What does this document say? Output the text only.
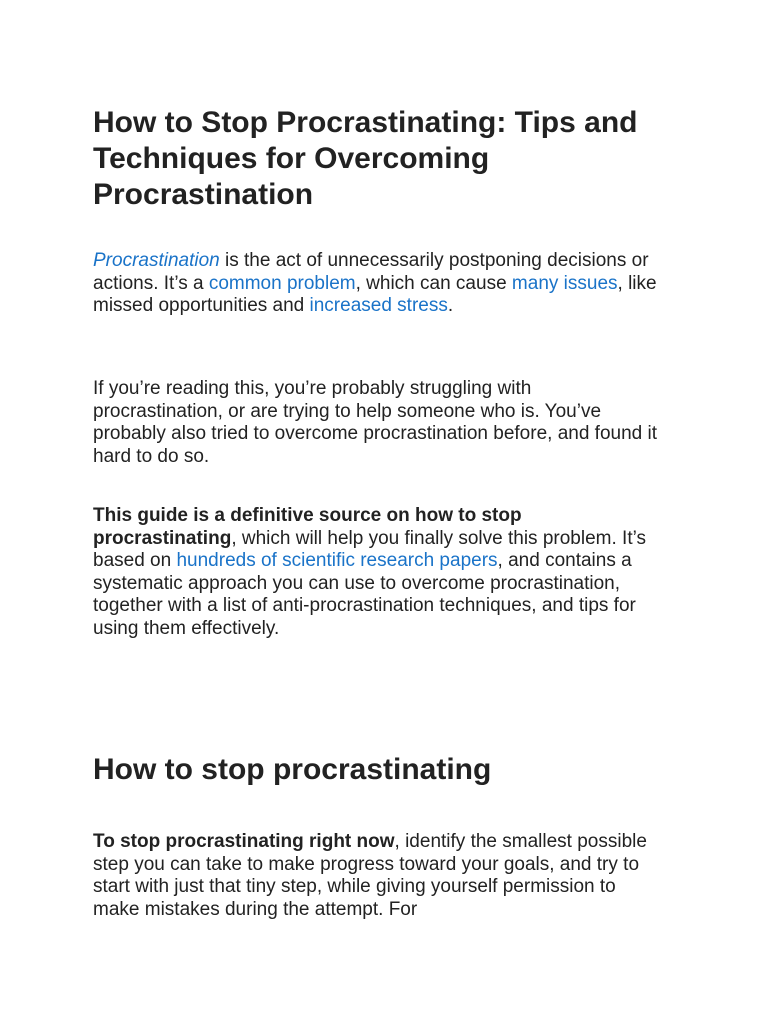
How to Stop Procrastinating: Tips and Techniques for Overcoming Procrastination

Procrastination is the act of unnecessarily postponing decisions or actions. It’s a common problem, which can cause many issues, like missed opportunities and increased stress.

If you’re reading this, you’re probably struggling with procrastination, or are trying to help someone who is. You’ve probably also tried to overcome procrastination before, and found it hard to do so.

This guide is a definitive source on how to stop procrastinating, which will help you finally solve this problem. It’s based on hundreds of scientific research papers, and contains a systematic approach you can use to overcome procrastination, together with a list of anti-procrastination techniques, and tips for using them effectively.

How to stop procrastinating

To stop procrastinating right now, identify the smallest possible step you can take to make progress toward your goals, and try to start with just that tiny step, while giving yourself permission to make mistakes during the attempt. For
